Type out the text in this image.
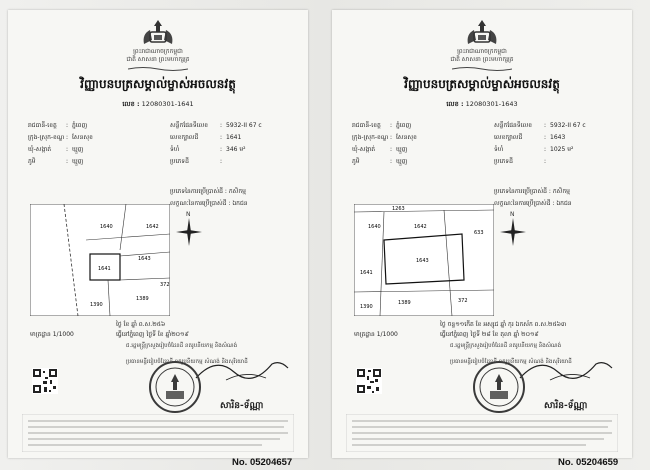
ព្រះរាជាណាចក្រកម្ពុជា
ជាតិ សាសនា ព្រះមហាក្សត្រ
វិញ្ញាបនបត្រសម្គាល់ម្ចាស់អចលនវត្ថុ
លេខ : 12080301-1641
រាជធានី-ខេត្ត : ភ្នំពេញ
ក្រុង-ស្រុក-ខណ្ឌ : សែនសុខ
ឃុំ-សង្កាត់ : ឃ្មួញ
ភូមិ	: ឃ្មួញ
សន្លឹកផែនទីលេខ : 5932-II 67 c
លេខក្បាលដី	: 1641
ទំហំ	: 346 ម²
ប្រភេទដី	:
ប្រភេទនៃការប្រើប្រាស់ដី : កសិកម្ម
លក្ខណៈនៃការប្រើប្រាស់ដី : ឯកជន
N
1640	1642
1643
1641
1390
1389
372
មាត្រដ្ឋាន 1/1000
ថ្ងៃ ខែ ឆ្នាំ ព.ស.២៥៦
ធ្វើនៅភ្នំពេញ ថ្ងៃទី ខែ ឆ្នាំ២០១៩
ជ.រដ្ឋមន្ត្រីក្រសួងរៀបចំដែនដី នគរូបនីយកម្ម និងសំណង់
ប្រធានមន្ទីររៀបចំដែនដី នគរូបនីយកម្ម សំណង់ និងសុរិយោដី
សារិន-ទ័ណ្ណា
ព្រះរាជាណាចក្រកម្ពុជា
ជាតិ សាសនា ព្រះមហាក្សត្រ
វិញ្ញាបនបត្រសម្គាល់ម្ចាស់អចលនវត្ថុ
លេខ : 12080301-1643
រាជធានី-ខេត្ត : ភ្នំពេញ
ក្រុង-ស្រុក-ខណ្ឌ : សែនសុខ
ឃុំ-សង្កាត់ : ឃ្មួញ
ភូមិ	: ឃ្មួញ
សន្លឹកផែនទីលេខ : 5932-II 67 c
លេខក្បាលដី	: 1643
ទំហំ	: 1025 ម²
ប្រភេទដី	:
ប្រភេទនៃការប្រើប្រាស់ដី : កសិកម្ម
លក្ខណៈនៃការប្រើប្រាស់ដី : ឯកជន
N
1263
1640	1642
633
1643
1641
1390
1389	372
មាត្រដ្ឋាន 1/1000
ថ្ងៃ ចន្ទ១១កើត ខែ អស្សុជ ឆ្នាំ កុរ ឯកស័ក ព.ស.២៥៦៣
ធ្វើនៅភ្នំពេញ ថ្ងៃទី ២៨ ខែ តុលា ឆ្នាំ ២០១៩
ជ.រដ្ឋមន្ត្រីក្រសួងរៀបចំដែនដី នគរូបនីយកម្ម និងសំណង់
ប្រធានមន្ទីររៀបចំដែនដី នគរូបនីយកម្ម សំណង់ និងសុរិយោដី
សារិន-ទ័ណ្ណា
No. 05204657	No. 05204659
